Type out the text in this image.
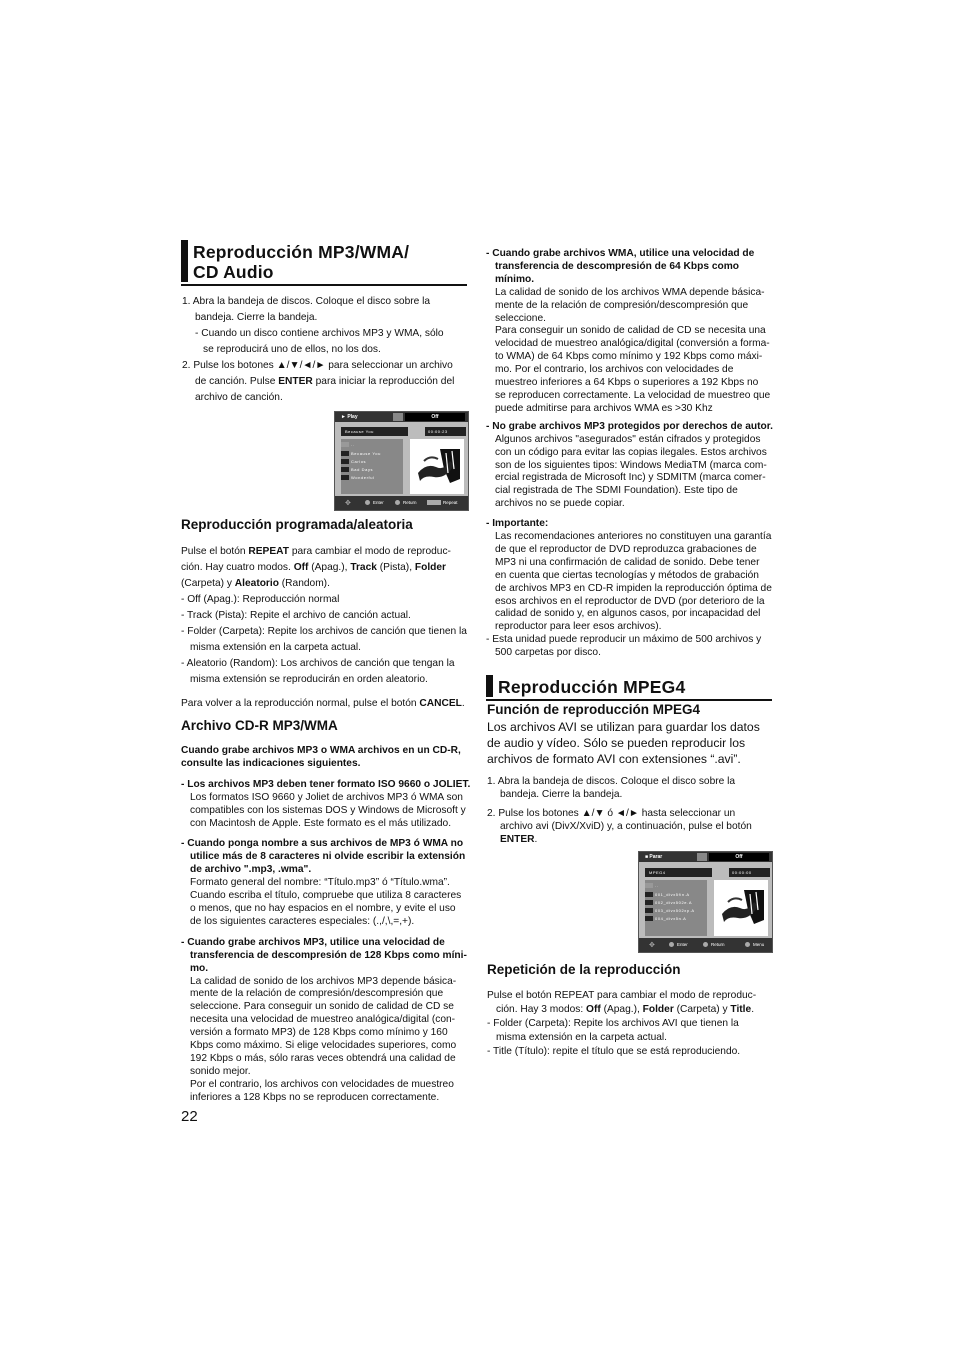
Reproducción MP3/WMA/
CD Audio

1. Abra la bandeja de discos. Coloque el disco sobre la

bandeja. Cierre la bandeja.

- Cuando un disco contiene archivos MP3 y WMA, sólo

se reproducirá uno de ellos, no los dos.

2. Pulse los botones ▲/▼/◄/► para seleccionar un archivo

de canción. Pulse ENTER para iniciar la reproducción del

archivo de canción.

► Play	Off
Because You	00:00:23
..
Because You
Carlos
Bad Days
Wonderful
✥	Enter	Return	Repeat
Reproducción programada/aleatoria

Pulse el botón REPEAT para cambiar el modo de reproduc-

ción. Hay cuatro modos. Off (Apag.), Track (Pista), Folder

(Carpeta) y Aleatorio (Random).

- Off (Apag.): Reproducción normal

- Track (Pista): Repite el archivo de canción actual.

- Folder (Carpeta): Repite los archivos de canción que tienen la

misma extensión en la carpeta actual.

- Aleatorio (Random): Los archivos de canción que tengan la

misma extensión se reproducirán en orden aleatorio.

Para volver a la reproducción normal, pulse el botón CANCEL.

Archivo CD-R MP3/WMA

Cuando grabe archivos MP3 o WMA archivos en un CD-R,

consulte las indicaciones siguientes.

- Los archivos MP3 deben tener formato ISO 9660 o JOLIET.

Los formatos ISO 9660 y Joliet de archivos MP3 ó WMA son

compatibles con los sistemas DOS y Windows de Microsoft y

con Macintosh de Apple. Este formato es el más utilizado.

- Cuando ponga nombre a sus archivos de MP3 ó WMA no

utilice más de 8 caracteres ni olvide escribir la extensión

de archivo ".mp3, .wma".

Formato general del nombre: “Título.mp3” ó “Título.wma”.

Cuando escriba el título, compruebe que utiliza 8 caracteres

o menos, que no hay espacios en el nombre, y evite el uso

de los siguientes caracteres especiales: (.,/,\,=,+).

- Cuando grabe archivos MP3, utilice una velocidad de

transferencia de descompresión de 128 Kbps como míni-

mo.

La calidad de sonido de los archivos MP3 depende básica-

mente de la relación de compresión/descompresión que

seleccione. Para conseguir un sonido de calidad de CD se

necesita una velocidad de muestreo analógica/digital (con-

versión a formato MP3) de 128 Kbps como mínimo y 160

Kbps como máximo. Si elige velocidades superiores, como

192 Kbps o más, sólo raras veces obtendrá una calidad de

sonido mejor.

Por el contrario, los archivos con velocidades de muestreo

inferiores a 128 Kbps no se reproducen correctamente.

22

- Cuando grabe archivos WMA, utilice una velocidad de

transferencia de descompresión de 64 Kbps como mínimo.

La calidad de sonido de los archivos WMA depende básica-

mente de la relación de compresión/descompresión que

seleccione.

Para conseguir un sonido de calidad de CD se necesita una

velocidad de muestreo analógica/digital (conversión a forma-

to WMA) de 64 Kbps como mínimo y 192 Kbps como máxi-

mo. Por el contrario, los archivos con velocidades de

muestreo inferiores a 64 Kbps o superiores a 192 Kbps no

se reproducen correctamente. La velocidad de muestreo que

puede admitirse para archivos WMA es >30 Khz

- No grabe archivos MP3 protegidos por derechos de autor.

Algunos archivos "asegurados" están cifrados y protegidos

con un código para evitar las copias ilegales. Estos archivos

son de los siguientes tipos: Windows MediaTM (marca com-

ercial registrada de Microsoft Inc) y SDMITM (marca comer-

cial registrada de The SDMI Foundation). Este tipo de

archivos no se puede copiar.

- Importante:

Las recomendaciones anteriores no constituyen una garantía

de que el reproductor de DVD reproduzca grabaciones de

MP3 ni una confirmación de calidad de sonido. Debe tener

en cuenta que ciertas tecnologías y métodos de grabación

de archivos MP3 en CD-R impiden la reproducción óptima de

esos archivos en el reproductor de DVD (por deterioro de la

calidad de sonido y, en algunos casos, por incapacidad del

reproductor para leer esos archivos).

- Esta unidad puede reproducir un máximo de 500 archivos y

500 carpetas por disco.

Reproducción MPEG4
Función de reproducción MPEG4

Los archivos AVI se utilizan para guardar los datos

de audio y vídeo. Sólo se pueden reproducir los

archivos de formato AVI con extensiones “.avi”.

1. Abra la bandeja de discos. Coloque el disco sobre la

bandeja. Cierre la bandeja.

2. Pulse los botones ▲/▼ ó ◄/► hasta seleccionar un

archivo avi (DivX/XviD) y, a continuación, pulse el botón

ENTER.

■ Parar	Off
MPEG4	00:00:00
..
001_divx5fin.A
002_divx502e.A
003_divx502xp.A
004_divx5n.A
✥	Enter	Return	Menu
Repetición de la reproducción

Pulse el botón REPEAT para cambiar el modo de reproduc-

ción. Hay 3 modos: Off (Apag.), Folder (Carpeta) y Title.

- Folder (Carpeta): Repite los archivos AVI que tienen la

misma extensión en la carpeta actual.

- Title (Título): repite el título que se está reproduciendo.
